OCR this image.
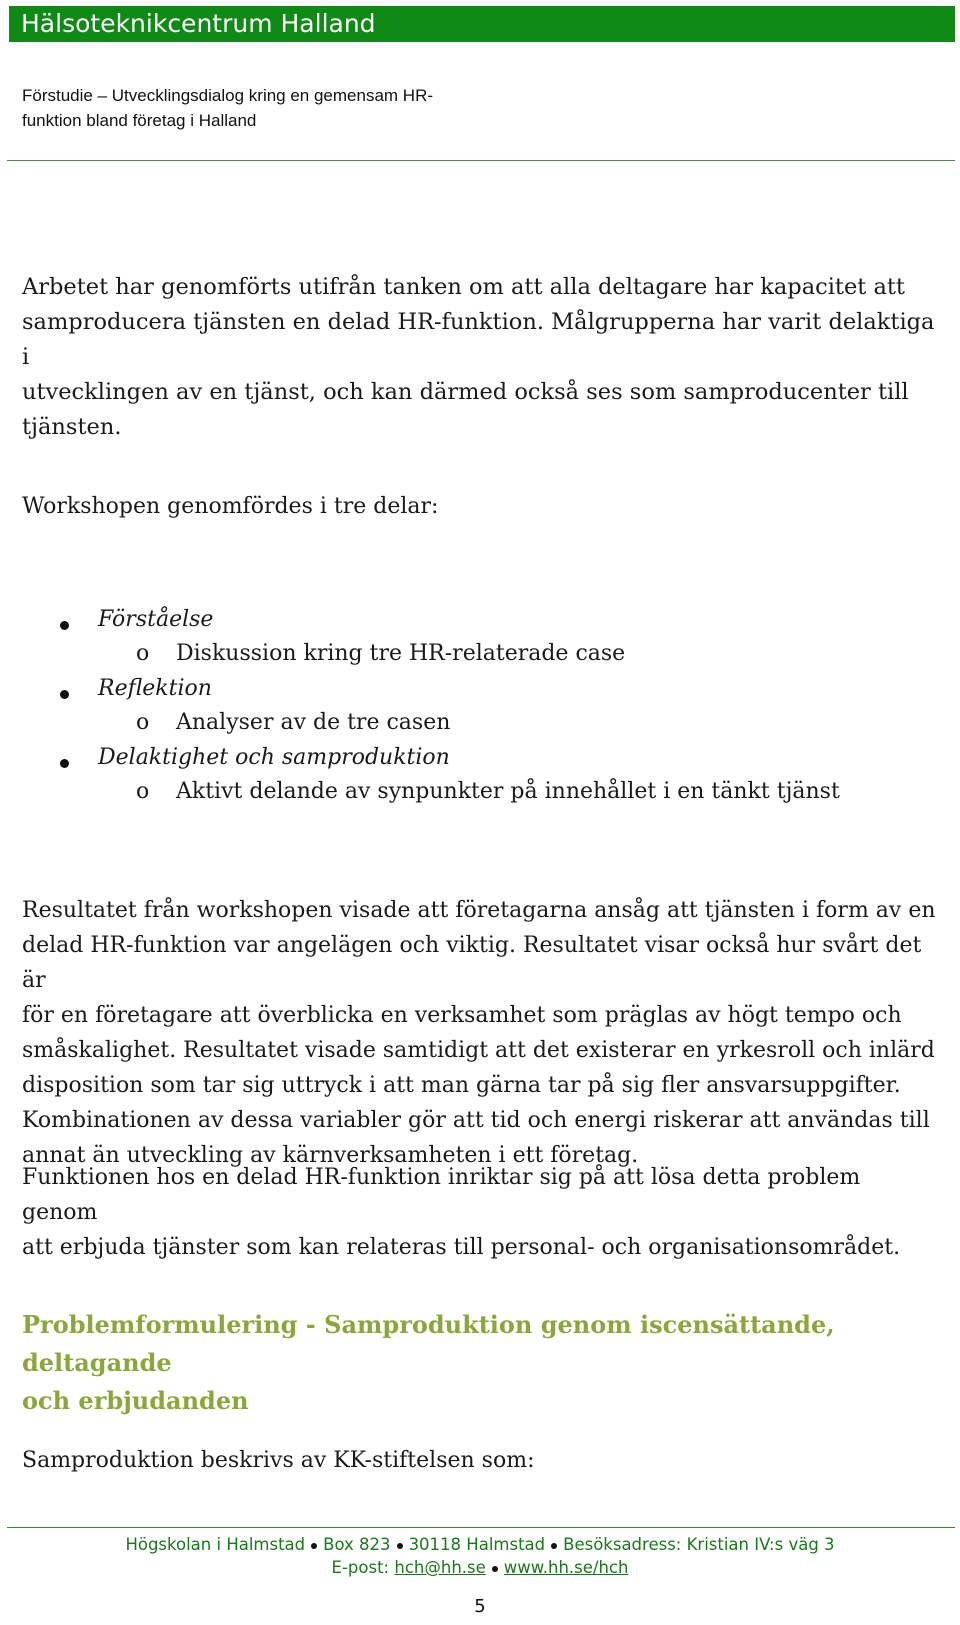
Hälsoteknikcentrum Halland
Förstudie – Utvecklingsdialog kring en gemensam HR-
funktion bland företag i Halland
Arbetet har genomförts utifrån tanken om att alla deltagare har kapacitet att
samproducera tjänsten en delad HR-funktion. Målgrupperna har varit delaktiga i
utvecklingen av en tjänst, och kan därmed också ses som samproducenter till
tjänsten.
Workshopen genomfördes i tre delar:
Förståelse
o Diskussion kring tre HR-relaterade case
Reflektion
o Analyser av de tre casen
Delaktighet och samproduktion
o Aktivt delande av synpunkter på innehållet i en tänkt tjänst
Resultatet från workshopen visade att företagarna ansåg att tjänsten i form av en
delad HR-funktion var angelägen och viktig. Resultatet visar också hur svårt det är
för en företagare att överblicka en verksamhet som präglas av högt tempo och
småskalighet. Resultatet visade samtidigt att det existerar en yrkesroll och inlärd
disposition som tar sig uttryck i att man gärna tar på sig fler ansvarsuppgifter.
Kombinationen av dessa variabler gör att tid och energi riskerar att användas till
annat än utveckling av kärnverksamheten i ett företag.
Funktionen hos en delad HR-funktion inriktar sig på att lösa detta problem genom
att erbjuda tjänster som kan relateras till personal- och organisationsområdet.
Problemformulering - Samproduktion genom iscensättande, deltagande
och erbjudanden
Samproduktion beskrivs av KK-stiftelsen som:
Högskolan i Halmstad Box 823 30118 Halmstad Besöksadress: Kristian IV:s väg 3
E-post: hch@hh.se www.hh.se/hch
5
